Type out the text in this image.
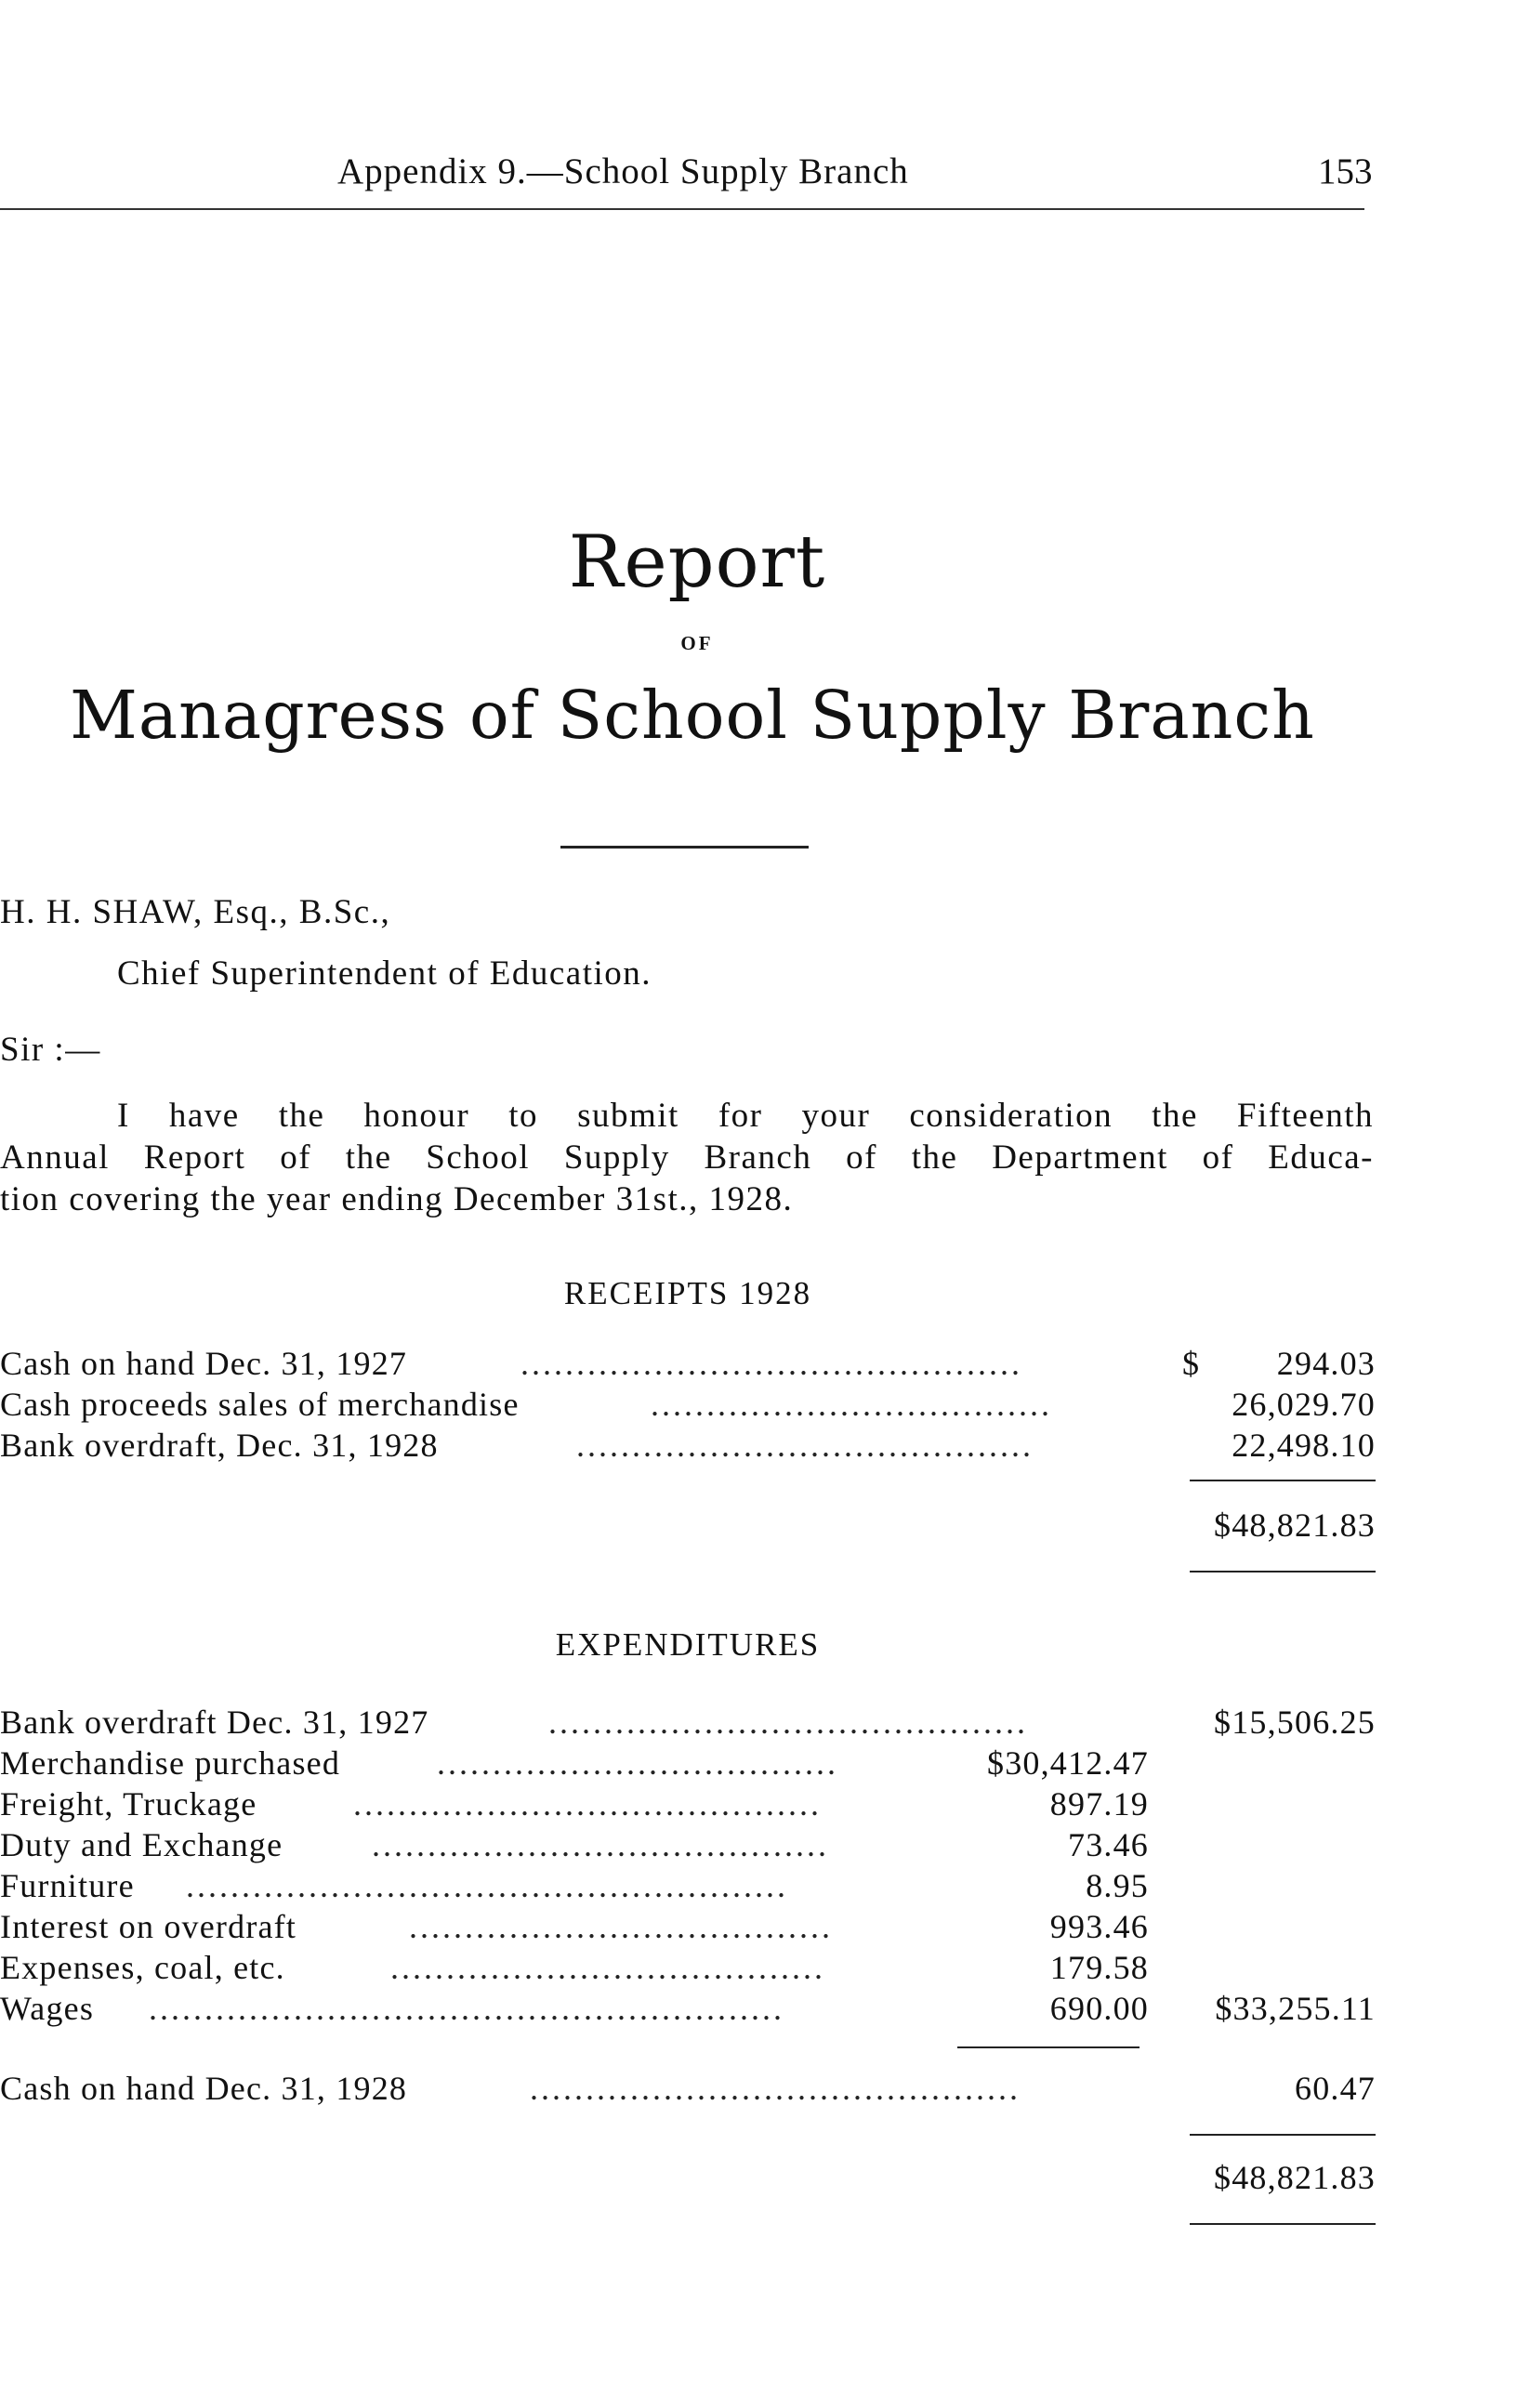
Appendix 9.—School Supply Branch	153
Report
OF
Managress of School Supply Branch
H. H. SHAW, Esq., B.Sc.,
Chief Superintendent of Education.
Sir :—
I have the honour to submit for your consideration the Fifteenth
Annual Report of the School Supply Branch of the Department of Educa-
tion covering the year ending December 31st., 1928.
RECEIPTS 1928
.............................................
Cash on hand Dec. 31, 1927	$ 294.03
....................................
Cash proceeds sales of merchandise	26,029.70
.........................................
Bank overdraft, Dec. 31, 1928	22,498.10
$48,821.83
EXPENDITURES
...........................................
Bank overdraft Dec. 31, 1927	$15,506.25
....................................
Merchandise purchased	$30,412.47
..........................................
Freight, Truckage	897.19
.........................................
Duty and Exchange	73.46
......................................................
Furniture	8.95
......................................
Interest on overdraft	993.46
.......................................
Expenses, coal, etc.	179.58
.........................................................
Wages	690.00 $33,255.11
............................................
Cash on hand Dec. 31, 1928	60.47
$48,821.83
